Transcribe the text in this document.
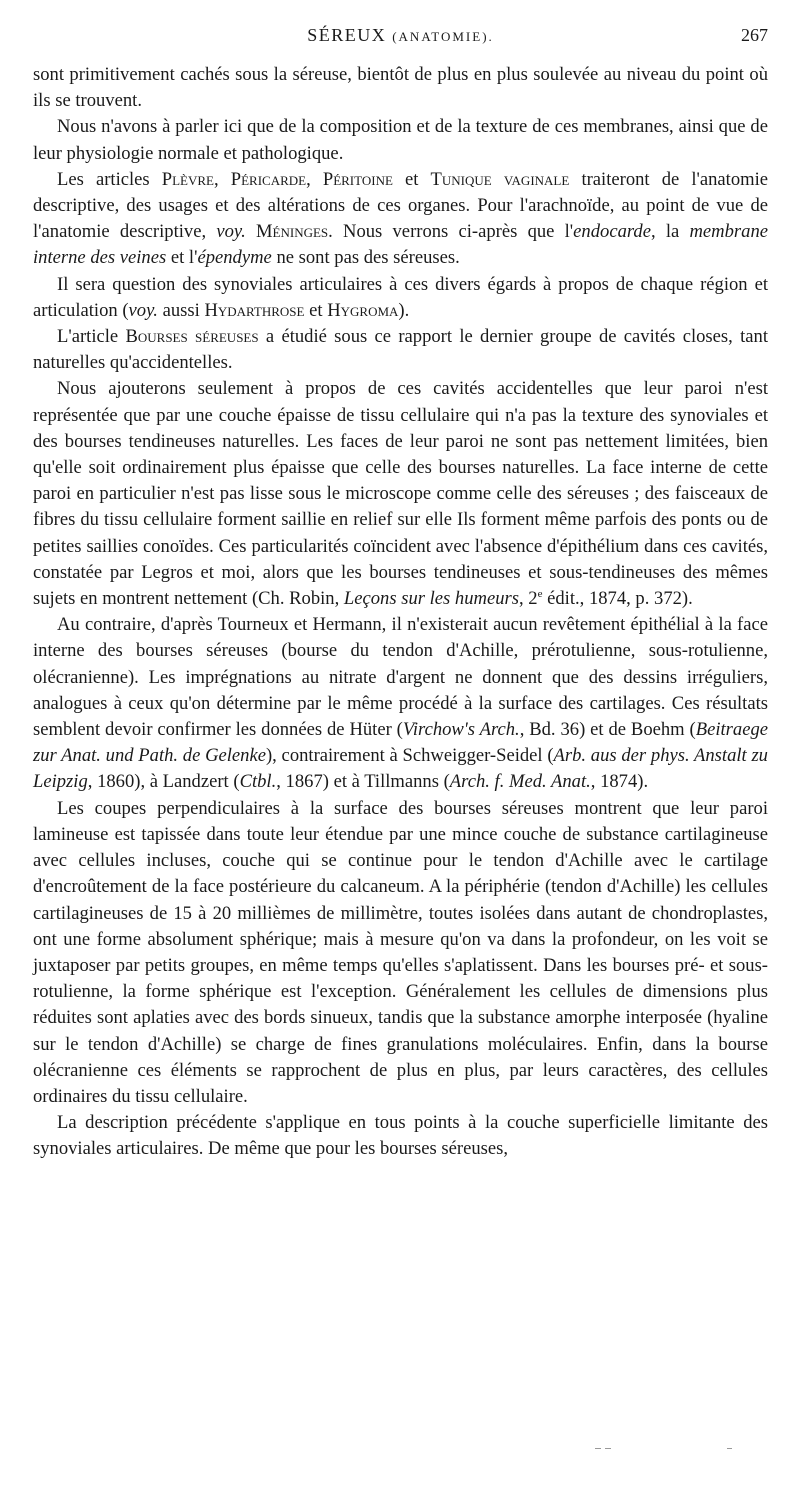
SÉREUX (ANATOMIE).	267

sont primitivement cachés sous la séreuse, bientôt de plus en plus soulevée au niveau du point où ils se trouvent.

Nous n'avons à parler ici que de la composition et de la texture de ces membranes, ainsi que de leur physiologie normale et pathologique.

Les articles Plèvre, Péricarde, Péritoine et Tunique vaginale traiteront de l'anatomie descriptive, des usages et des altérations de ces organes. Pour l'arachnoïde, au point de vue de l'anatomie descriptive, voy. Méninges. Nous verrons ci-après que l'endocarde, la membrane interne des veines et l'épendyme ne sont pas des séreuses.

Il sera question des synoviales articulaires à ces divers égards à propos de chaque région et articulation (voy. aussi Hydarthrose et Hygroma).

L'article Bourses séreuses a étudié sous ce rapport le dernier groupe de cavités closes, tant naturelles qu'accidentelles.

Nous ajouterons seulement à propos de ces cavités accidentelles que leur paroi n'est représentée que par une couche épaisse de tissu cellulaire qui n'a pas la texture des synoviales et des bourses tendineuses naturelles. Les faces de leur paroi ne sont pas nettement limitées, bien qu'elle soit ordinairement plus épaisse que celle des bourses naturelles. La face interne de cette paroi en particulier n'est pas lisse sous le microscope comme celle des séreuses ; des faisceaux de fibres du tissu cellulaire forment saillie en relief sur elle Ils forment même parfois des ponts ou de petites saillies conoïdes. Ces particularités coïncident avec l'absence d'épithélium dans ces cavités, constatée par Legros et moi, alors que les bourses tendineuses et sous-tendineuses des mêmes sujets en montrent nettement (Ch. Robin, Leçons sur les humeurs, 2e édit., 1874, p. 372).

Au contraire, d'après Tourneux et Hermann, il n'existerait aucun revêtement épithélial à la face interne des bourses séreuses (bourse du tendon d'Achille, prérotulienne, sous-rotulienne, olécranienne). Les imprégnations au nitrate d'argent ne donnent que des dessins irréguliers, analogues à ceux qu'on détermine par le même procédé à la surface des cartilages. Ces résultats semblent devoir confirmer les données de Hüter (Virchow's Arch., Bd. 36) et de Boehm (Beitraege zur Anat. und Path. de Gelenke), contrairement à Schweigger-Seidel (Arb. aus der phys. Anstalt zu Leipzig, 1860), à Landzert (Ctbl., 1867) et à Tillmanns (Arch. f. Med. Anat., 1874).

Les coupes perpendiculaires à la surface des bourses séreuses montrent que leur paroi lamineuse est tapissée dans toute leur étendue par une mince couche de substance cartilagineuse avec cellules incluses, couche qui se continue pour le tendon d'Achille avec le cartilage d'encroûtement de la face postérieure du calcaneum. A la périphérie (tendon d'Achille) les cellules cartilagineuses de 15 à 20 millièmes de millimètre, toutes isolées dans autant de chondroplastes, ont une forme absolument sphérique; mais à mesure qu'on va dans la profondeur, on les voit se juxtaposer par petits groupes, en même temps qu'elles s'aplatissent. Dans les bourses pré- et sous-rotulienne, la forme sphérique est l'exception. Généralement les cellules de dimensions plus réduites sont aplaties avec des bords sinueux, tandis que la substance amorphe interposée (hyaline sur le tendon d'Achille) se charge de fines granulations moléculaires. Enfin, dans la bourse olécranienne ces éléments se rapprochent de plus en plus, par leurs caractères, des cellules ordinaires du tissu cellulaire.

La description précédente s'applique en tous points à la couche superficielle limitante des synoviales articulaires. De même que pour les bourses séreuses,
